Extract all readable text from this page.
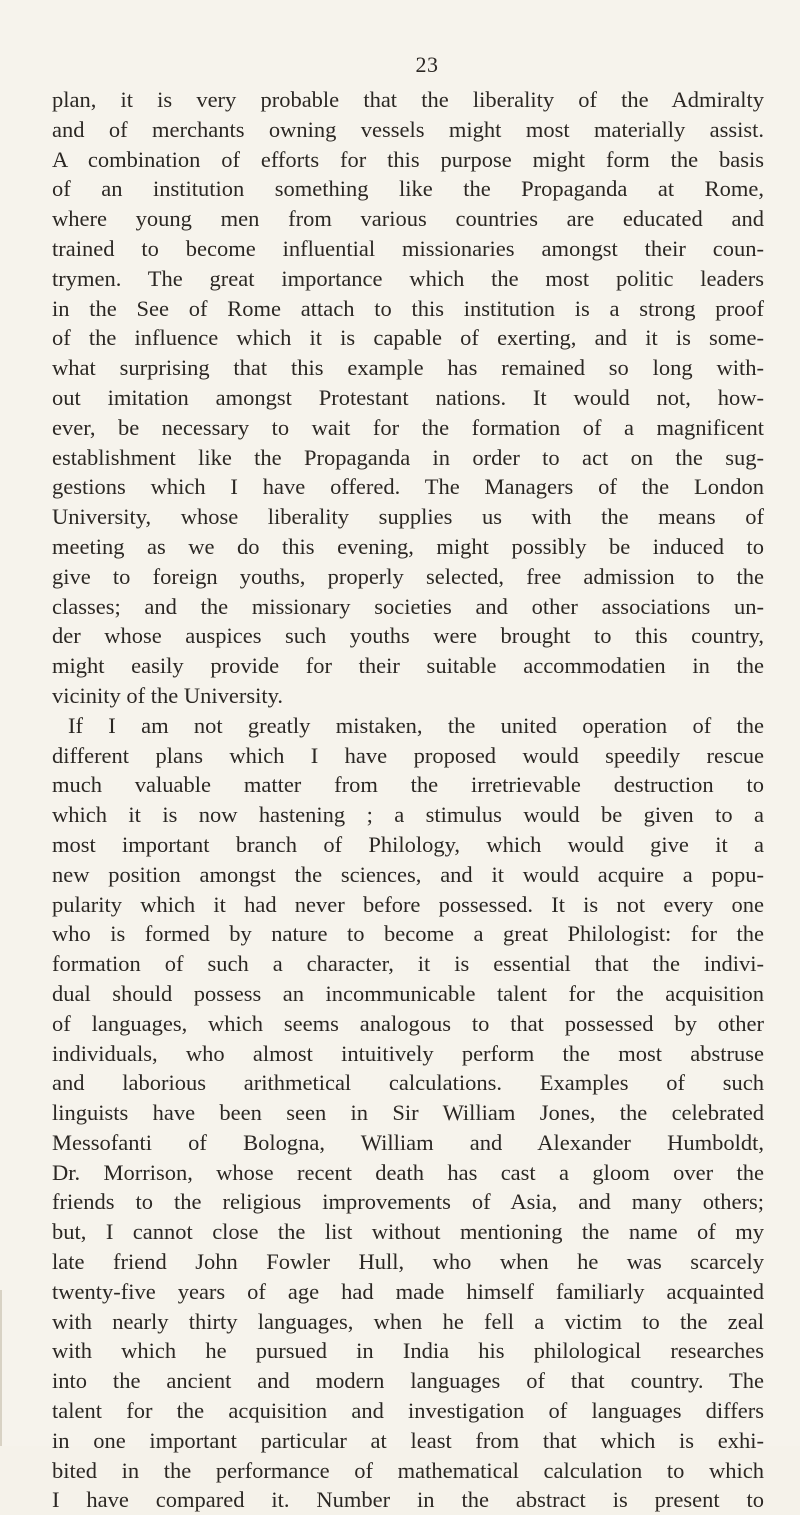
23
plan, it is very probable that the liberality of the Admiralty
and of merchants owning vessels might most materially assist.
A combination of efforts for this purpose might form the basis
of an institution something like the Propaganda at Rome,
where young men from various countries are educated and
trained to become influential missionaries amongst their coun-
trymen. The great importance which the most politic leaders
in the See of Rome attach to this institution is a strong proof
of the influence which it is capable of exerting, and it is some-
what surprising that this example has remained so long with-
out imitation amongst Protestant nations. It would not, how-
ever, be necessary to wait for the formation of a magnificent
establishment like the Propaganda in order to act on the sug-
gestions which I have offered. The Managers of the London
University, whose liberality supplies us with the means of
meeting as we do this evening, might possibly be induced to
give to foreign youths, properly selected, free admission to the
classes; and the missionary societies and other associations un-
der whose auspices such youths were brought to this country,
might easily provide for their suitable accommodatien in the
vicinity of the University.
If I am not greatly mistaken, the united operation of the
different plans which I have proposed would speedily rescue
much valuable matter from the irretrievable destruction to
which it is now hastening ; a stimulus would be given to a
most important branch of Philology, which would give it a
new position amongst the sciences, and it would acquire a popu-
pularity which it had never before possessed. It is not every one
who is formed by nature to become a great Philologist: for the
formation of such a character, it is essential that the indivi-
dual should possess an incommunicable talent for the acquisition
of languages, which seems analogous to that possessed by other
individuals, who almost intuitively perform the most abstruse
and laborious arithmetical calculations. Examples of such
linguists have been seen in Sir William Jones, the celebrated
Messofanti of Bologna, William and Alexander Humboldt,
Dr. Morrison, whose recent death has cast a gloom over the
friends to the religious improvements of Asia, and many others;
but, I cannot close the list without mentioning the name of my
late friend John Fowler Hull, who when he was scarcely
twenty-five years of age had made himself familiarly acquainted
with nearly thirty languages, when he fell a victim to the zeal
with which he pursued in India his philological researches
into the ancient and modern languages of that country. The
talent for the acquisition and investigation of languages differs
in one important particular at least from that which is exhi-
bited in the performance of mathematical calculation to which
I have compared it. Number in the abstract is present to
